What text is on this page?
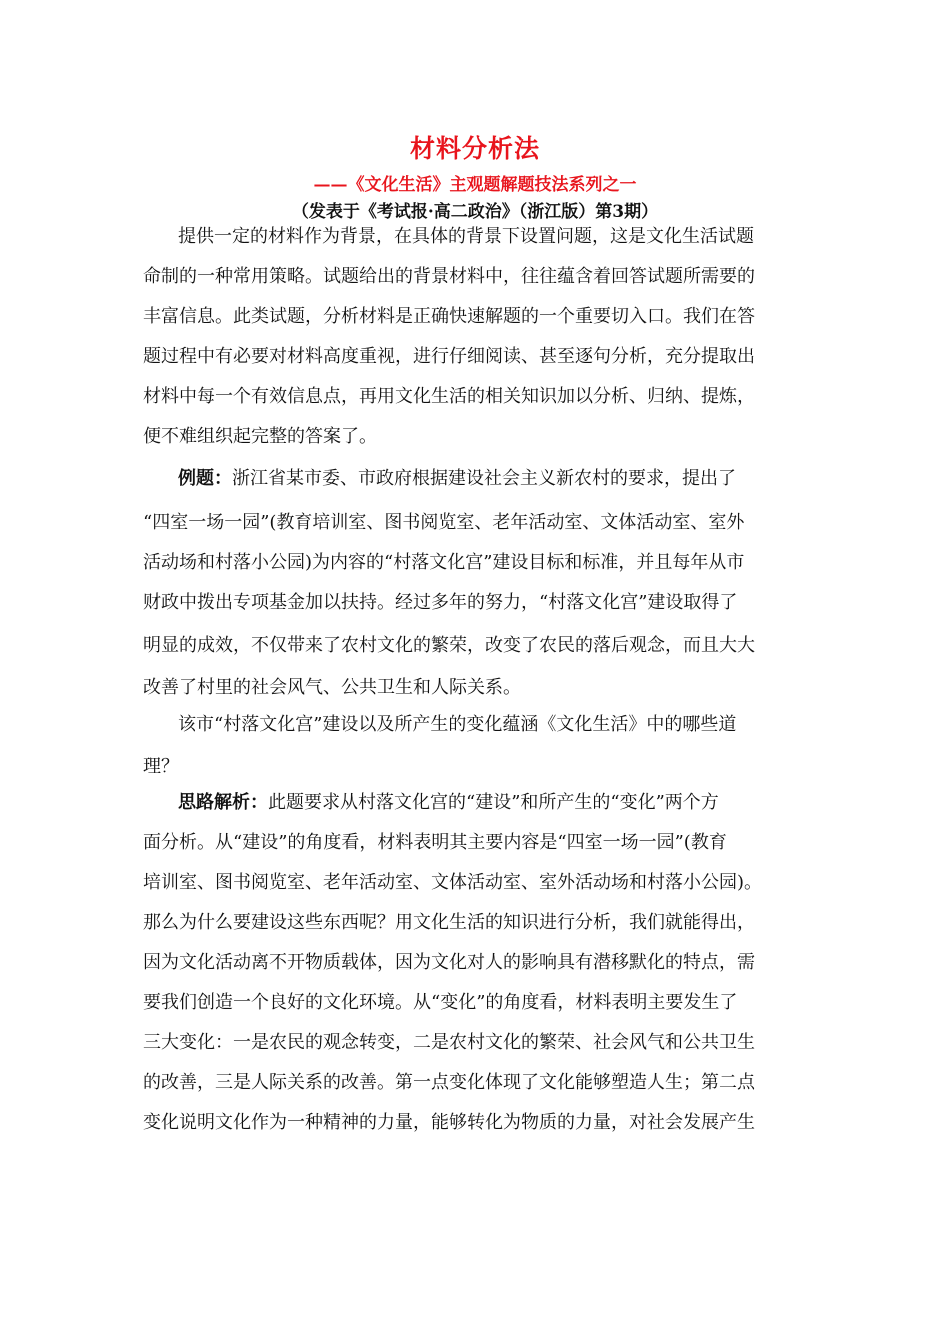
材料分析法
——《文化生活》主观题解题技法系列之一
（发表于《考试报·高二政治》（浙江版）第3期）
提供一定的材料作为背景，在具体的背景下设置问题，这是文化生活试题
命制的一种常用策略。试题给出的背景材料中，往往蕴含着回答试题所需要的
丰富信息。此类试题，分析材料是正确快速解题的一个重要切入口。我们在答
题过程中有必要对材料高度重视，进行仔细阅读、甚至逐句分析，充分提取出
材料中每一个有效信息点，再用文化生活的相关知识加以分析、归纳、提炼，
便不难组织起完整的答案了。
例题：浙江省某市委、市政府根据建设社会主义新农村的要求，提出了
“四室一场一园”(教育培训室、图书阅览室、老年活动室、文体活动室、室外
活动场和村落小公园)为内容的“村落文化宫”建设目标和标准，并且每年从市
财政中拨出专项基金加以扶持。经过多年的努力，“村落文化宫”建设取得了
明显的成效，不仅带来了农村文化的繁荣，改变了农民的落后观念，而且大大
改善了村里的社会风气、公共卫生和人际关系。
该市“村落文化宫”建设以及所产生的变化蕴涵《文化生活》中的哪些道
理？
思路解析：此题要求从村落文化宫的“建设”和所产生的“变化”两个方
面分析。从“建设”的角度看，材料表明其主要内容是“四室一场一园”(教育
培训室、图书阅览室、老年活动室、文体活动室、室外活动场和村落小公园)。
那么为什么要建设这些东西呢？用文化生活的知识进行分析，我们就能得出，
因为文化活动离不开物质载体，因为文化对人的影响具有潜移默化的特点，需
要我们创造一个良好的文化环境。从“变化”的角度看，材料表明主要发生了
三大变化：一是农民的观念转变，二是农村文化的繁荣、社会风气和公共卫生
的改善，三是人际关系的改善。第一点变化体现了文化能够塑造人生；第二点
变化说明文化作为一种精神的力量，能够转化为物质的力量，对社会发展产生
